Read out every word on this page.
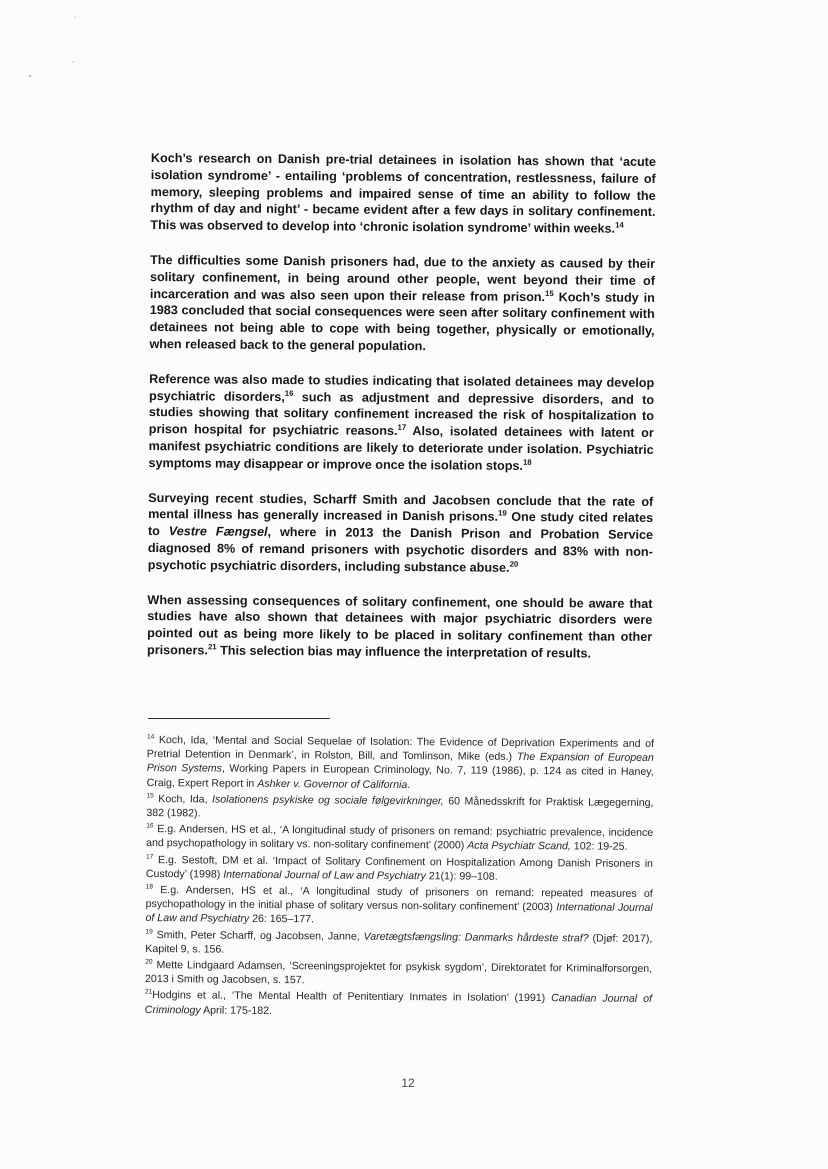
Koch’s research on Danish pre-trial detainees in isolation has shown that ‘acute isolation syndrome’ - entailing ‘problems of concentration, restlessness, failure of memory, sleeping problems and impaired sense of time an ability to follow the rhythm of day and night’ - became evident after a few days in solitary confinement. This was observed to develop into ‘chronic isolation syndrome’ within weeks.$^{14}$

The difficulties some Danish prisoners had, due to the anxiety as caused by their solitary confinement, in being around other people, went beyond their time of incarceration and was also seen upon their release from prison.$^{15}$ Koch’s study in 1983 concluded that social consequences were seen after solitary confinement with detainees not being able to cope with being together, physically or emotionally, when released back to the general population.

Reference was also made to studies indicating that isolated detainees may develop psychiatric disorders,$^{16}$ such as adjustment and depressive disorders, and to studies showing that solitary confinement increased the risk of hospitalization to prison hospital for psychiatric reasons.$^{17}$ Also, isolated detainees with latent or manifest psychiatric conditions are likely to deteriorate under isolation. Psychiatric symptoms may disappear or improve once the isolation stops.$^{18}$

Surveying recent studies, Scharff Smith and Jacobsen conclude that the rate of mental illness has generally increased in Danish prisons.$^{19}$ One study cited relates to Vestre Fængsel, where in 2013 the Danish Prison and Probation Service diagnosed 8% of remand prisoners with psychotic disorders and 83% with non-psychotic psychiatric disorders, including substance abuse.$^{20}$

When assessing consequences of solitary confinement, one should be aware that studies have also shown that detainees with major psychiatric disorders were pointed out as being more likely to be placed in solitary confinement than other prisoners.$^{21}$ This selection bias may influence the interpretation of results.

$^{14}$ Koch, Ida, ‘Mental and Social Sequelae of Isolation: The Evidence of Deprivation Experiments and of Pretrial Detention in Denmark’, in Rolston, Bill, and Tomlinson, Mike (eds.) The Expansion of European Prison Systems, Working Papers in European Criminology, No. 7, 119 (1986), p. 124 as cited in Haney, Craig, Expert Report in Ashker v. Governor of California.
$^{15}$ Koch, Ida, Isolationens psykiske og sociale følgevirkninger, 60 Månedsskrift for Praktisk Lægegerning, 382 (1982).
$^{16}$ E.g. Andersen, HS et al., ‘A longitudinal study of prisoners on remand: psychiatric prevalence, incidence and psychopathology in solitary vs. non-solitary confinement’ (2000) Acta Psychiatr Scand, 102: 19-25.
$^{17}$ E.g. Sestoft, DM et al. ‘Impact of Solitary Confinement on Hospitalization Among Danish Prisoners in Custody’ (1998) International Journal of Law and Psychiatry 21(1): 99–108.
$^{18}$ E.g. Andersen, HS et al., ‘A longitudinal study of prisoners on remand: repeated measures of psychopathology in the initial phase of solitary versus non-solitary confinement’ (2003) International Journal of Law and Psychiatry 26: 165–177.
$^{19}$ Smith, Peter Scharff, og Jacobsen, Janne, Varetægtsfængsling: Danmarks hårdeste straf? (Djøf: 2017), Kapitel 9, s. 156.
$^{20}$ Mette Lindgaard Adamsen, ‘Screeningsprojektet for psykisk sygdom’, Direktoratet for Kriminalforsorgen, 2013 i Smith og Jacobsen, s. 157.
$^{21}$Hodgins et al., ‘The Mental Health of Penitentiary Inmates in Isolation’ (1991) Canadian Journal of Criminology April: 175-182.
12
